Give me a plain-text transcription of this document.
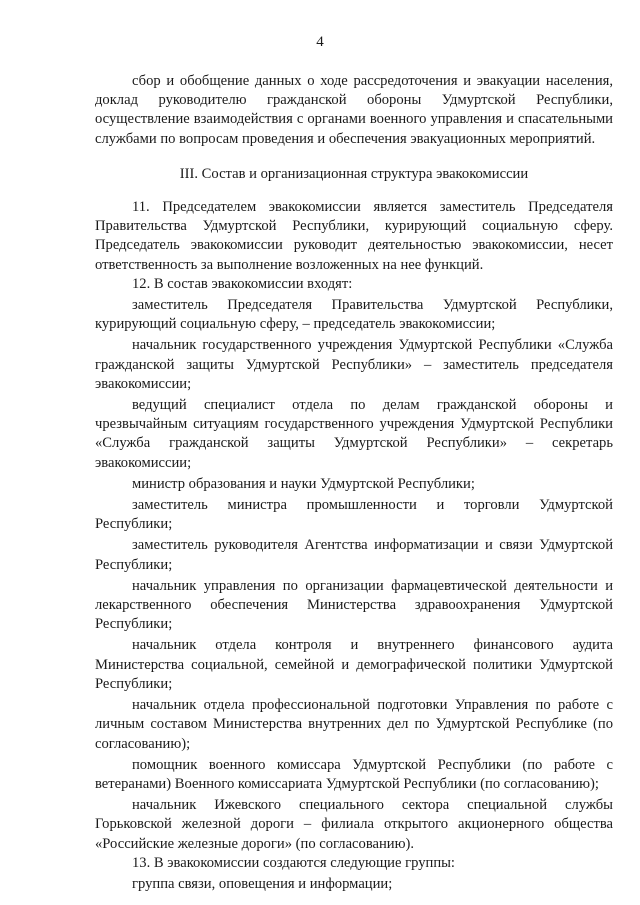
4

сбор и обобщение данных о ходе рассредоточения и эвакуации населения, доклад руководителю гражданской обороны Удмуртской Республики, осуществление взаимодействия с органами военного управления и спасательными службами по вопросам проведения и обеспечения эвакуационных мероприятий.

III. Состав и организационная структура эвакокомиссии

11. Председателем эвакокомиссии является заместитель Председателя Правительства Удмуртской Республики, курирующий социальную сферу. Председатель эвакокомиссии руководит деятельностью эвакокомиссии, несет ответственность за выполнение возложенных на нее функций.

12. В состав эвакокомиссии входят:

заместитель Председателя Правительства Удмуртской Республики, курирующий социальную сферу, – председатель эвакокомиссии;

начальник государственного учреждения Удмуртской Республики «Служба гражданской защиты Удмуртской Республики» – заместитель председателя эвакокомиссии;

ведущий специалист отдела по делам гражданской обороны и чрезвычайным ситуациям государственного учреждения Удмуртской Республики «Служба гражданской защиты Удмуртской Республики» – секретарь эвакокомиссии;

министр образования и науки Удмуртской Республики;

заместитель министра промышленности и торговли Удмуртской Республики;

заместитель руководителя Агентства информатизации и связи Удмуртской Республики;

начальник управления по организации фармацевтической деятельности и лекарственного обеспечения Министерства здравоохранения Удмуртской Республики;

начальник отдела контроля и внутреннего финансового аудита Министерства социальной, семейной и демографической политики Удмуртской Республики;

начальник отдела профессиональной подготовки Управления по работе с личным составом Министерства внутренних дел по Удмуртской Республике (по согласованию);

помощник военного комиссара Удмуртской Республики (по работе с ветеранами) Военного комиссариата Удмуртской Республики (по согласованию);

начальник Ижевского специального сектора специальной службы Горьковской железной дороги – филиала открытого акционерного общества «Российские железные дороги» (по согласованию).

13. В эвакокомиссии создаются следующие группы:

группа связи, оповещения и информации;
